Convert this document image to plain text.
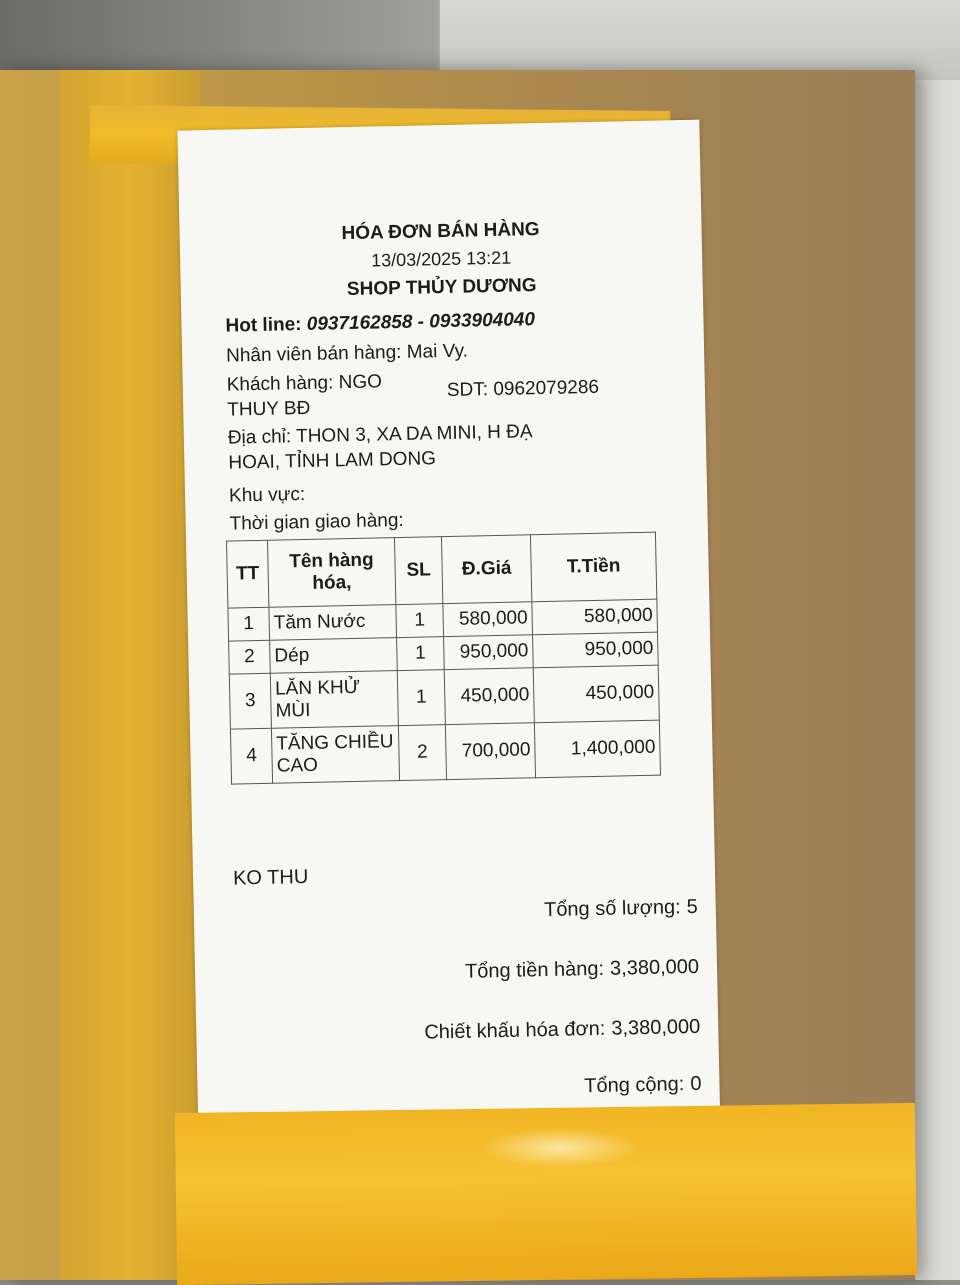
HÓA ĐƠN BÁN HÀNG
13/03/2025 13:21
SHOP THỦY DƯƠNG
Hot line: 0937162858 - 0933904040
Nhân viên bán hàng: Mai Vy.
Khách hàng: NGO
THUY BĐ
SDT: 0962079286
Địa chỉ: THON 3, XA DA MINI, H ĐẠ
HOAI, TỈNH LAM DONG
Khu vực:
Thời gian giao hàng:
TT	Tên hàng hóa,	SL	Đ.Giá	T.Tiền
1	Tăm Nước	1	580,000	580,000
2	Dép	1	950,000	950,000
3	LĂN KHỬ MÙI	1	450,000	450,000
4	TĂNG CHIỀU CAO	2	700,000	1,400,000
KO THU
Tổng số lượng: 5
Tổng tiền hàng: 3,380,000
Chiết khấu hóa đơn: 3,380,000
Tổng cộng: 0
